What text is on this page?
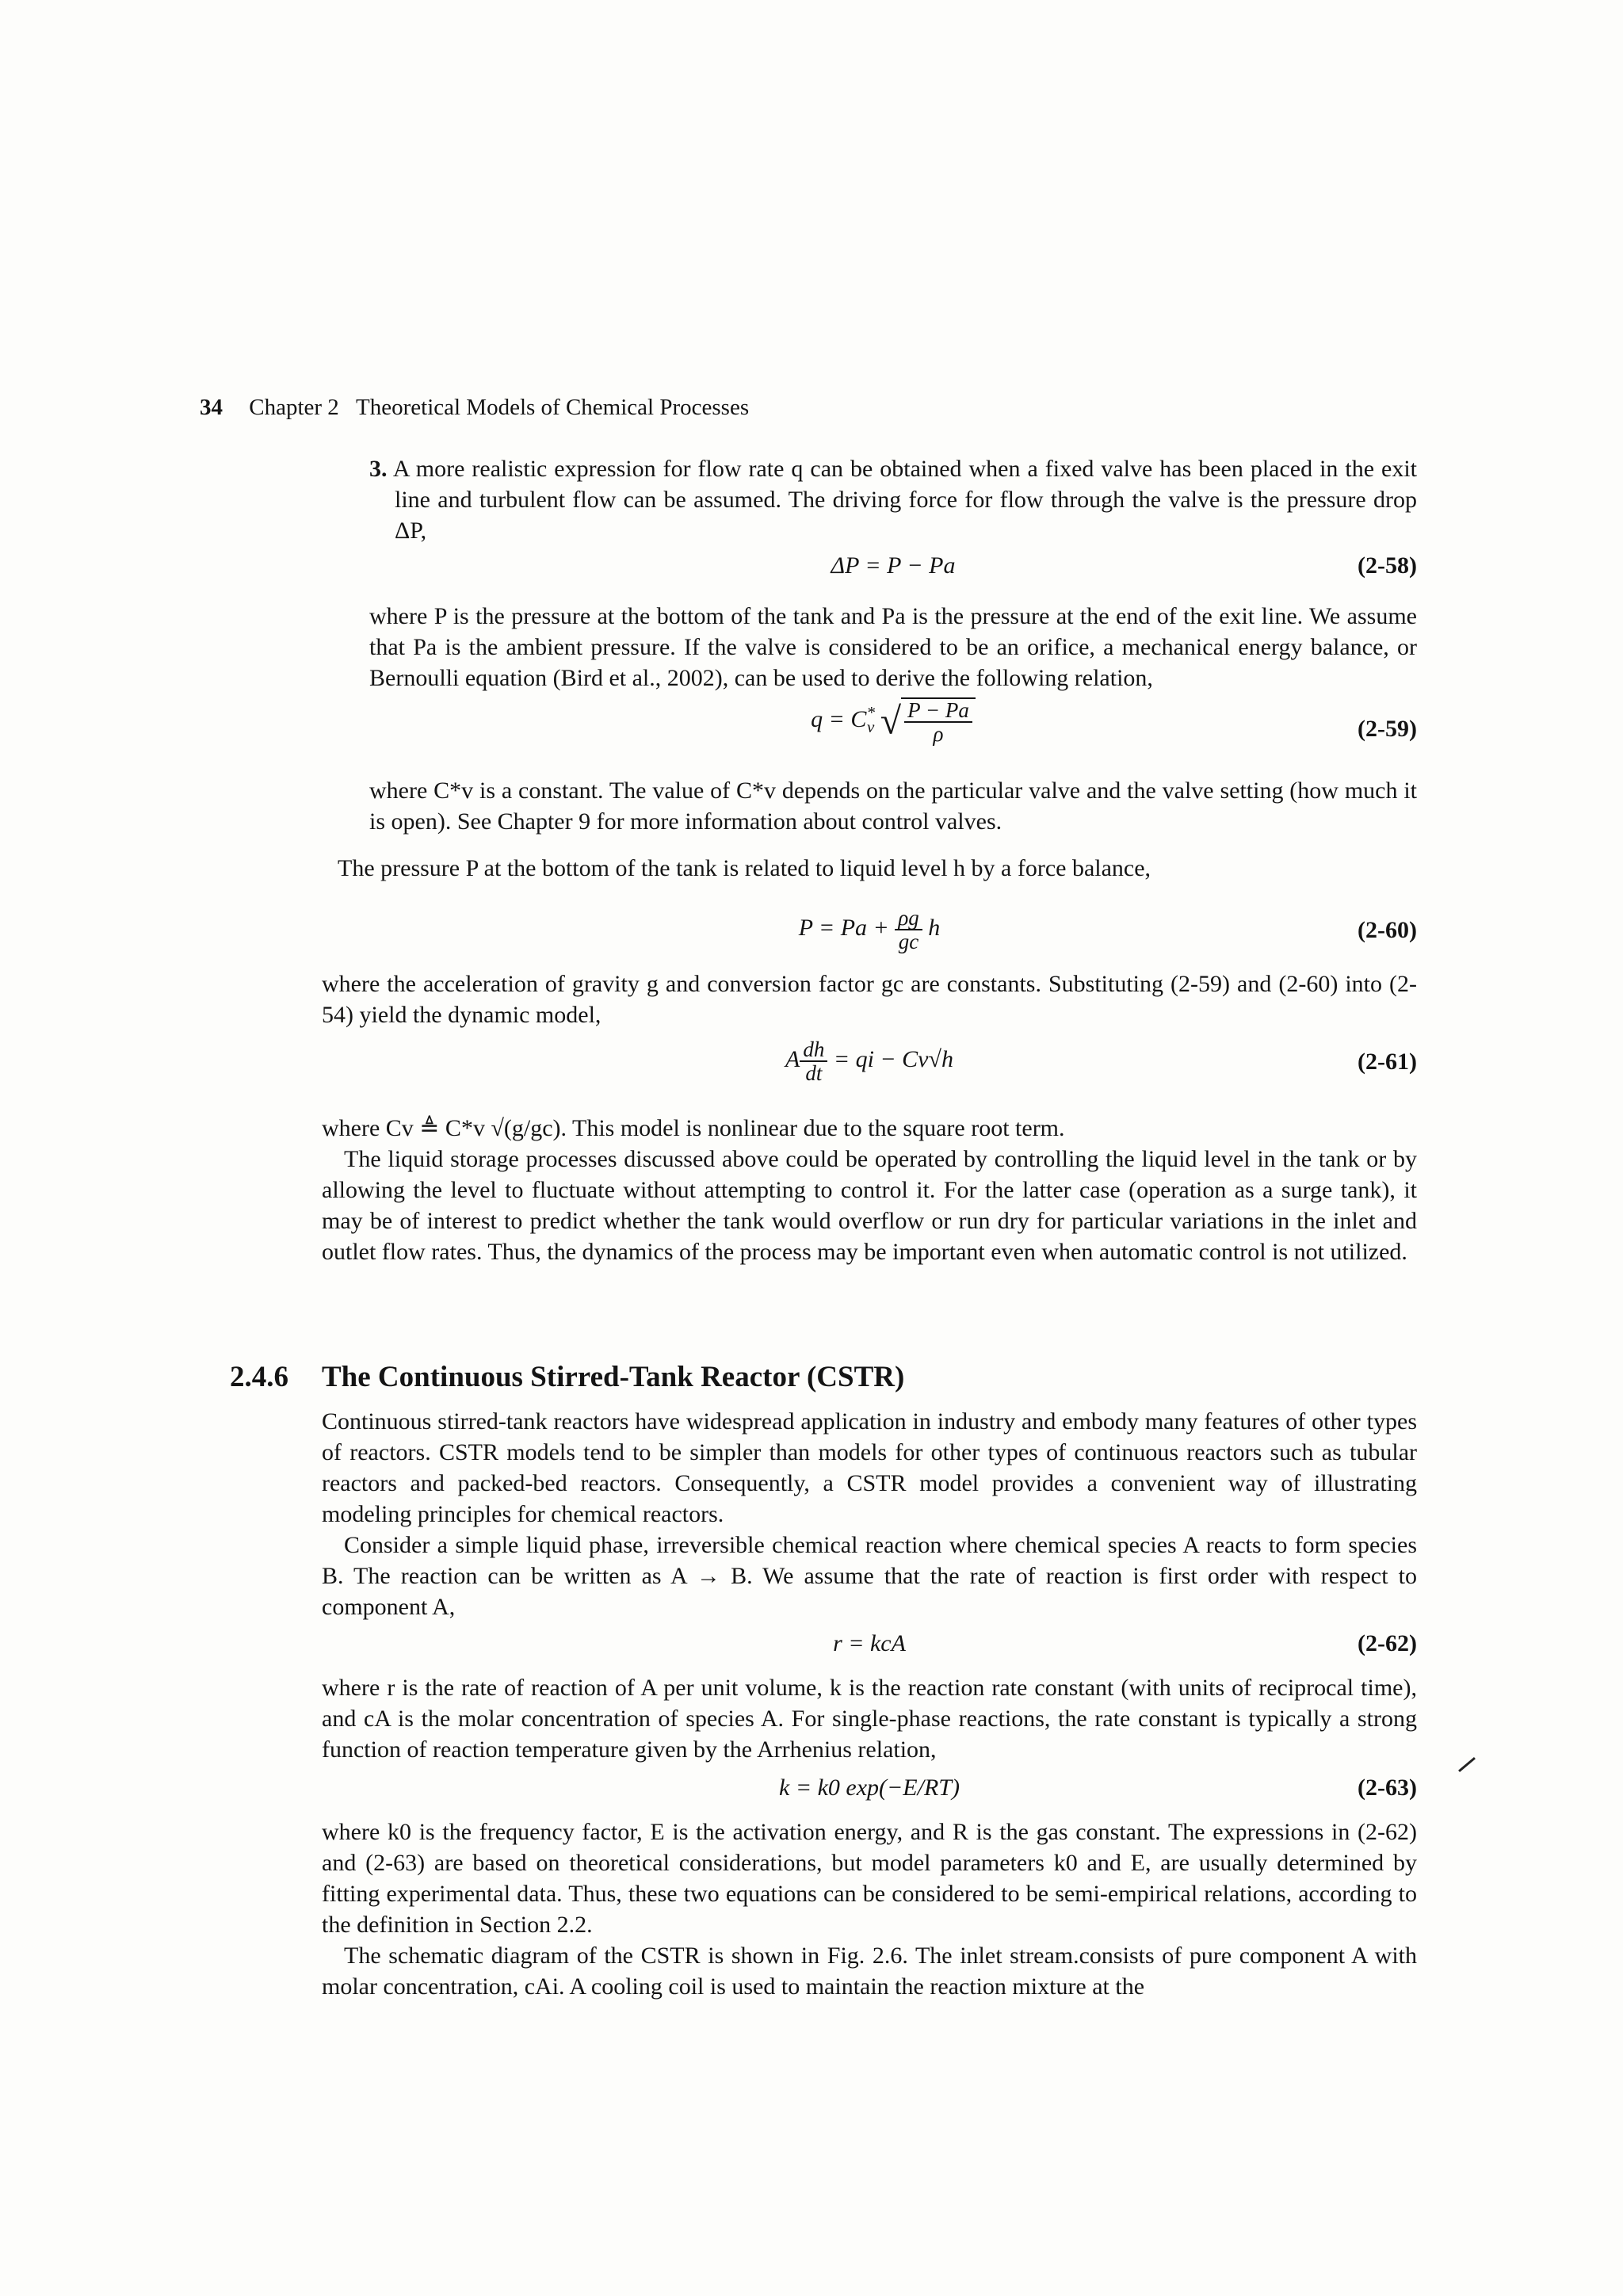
34 Chapter 2   Theoretical Models of Chemical Processes

3. A more realistic expression for flow rate q can be obtained when a fixed valve has been placed in the exit line and turbulent flow can be assumed. The driving force for flow through the valve is the pressure drop ΔP,

ΔP = P − Pa	(2-58)

where P is the pressure at the bottom of the tank and Pa is the pressure at the end of the exit line. We assume that Pa is the ambient pressure. If the valve is considered to be an orifice, a mechanical energy balance, or Bernoulli equation (Bird et al., 2002), can be used to derive the following relation,

$q = C^*_v$ √ $\frac{P - Pa}{\rho}$	(2-59)

where C*v is a constant. The value of C*v depends on the particular valve and the valve setting (how much it is open). See Chapter 9 for more information about control valves.

The pressure P at the bottom of the tank is related to liquid level h by a force balance,

$P = Pa + \frac{\rho g}{gc}$ h	(2-60)

where the acceleration of gravity g and conversion factor gc are constants. Substituting (2-59) and (2-60) into (2-54) yield the dynamic model,

A $\frac{dh}{dt}$ = qi − Cv√h	(2-61)

where Cv ≜ C*v √(g/gc). This model is nonlinear due to the square root term.

The liquid storage processes discussed above could be operated by controlling the liquid level in the tank or by allowing the level to fluctuate without attempting to control it. For the latter case (operation as a surge tank), it may be of interest to predict whether the tank would overflow or run dry for particular variations in the inlet and outlet flow rates. Thus, the dynamics of the process may be important even when automatic control is not utilized.

2.4.6 The Continuous Stirred-Tank Reactor (CSTR)

Continuous stirred-tank reactors have widespread application in industry and embody many features of other types of reactors. CSTR models tend to be simpler than models for other types of continuous reactors such as tubular reactors and packed-bed reactors. Consequently, a CSTR model provides a convenient way of illustrating modeling principles for chemical reactors.

Consider a simple liquid phase, irreversible chemical reaction where chemical species A reacts to form species B. The reaction can be written as A → B. We assume that the rate of reaction is first order with respect to component A,

r = kcA	(2-62)

where r is the rate of reaction of A per unit volume, k is the reaction rate constant (with units of reciprocal time), and cA is the molar concentration of species A. For single-phase reactions, the rate constant is typically a strong function of reaction temperature given by the Arrhenius relation,

k = k0 exp(−E/RT)	(2-63)

where k0 is the frequency factor, E is the activation energy, and R is the gas constant. The expressions in (2-62) and (2-63) are based on theoretical considerations, but model parameters k0 and E, are usually determined by fitting experimental data. Thus, these two equations can be considered to be semi-empirical relations, according to the definition in Section 2.2.

The schematic diagram of the CSTR is shown in Fig. 2.6. The inlet stream.consists of pure component A with molar concentration, cAi. A cooling coil is used to maintain the reaction mixture at the
